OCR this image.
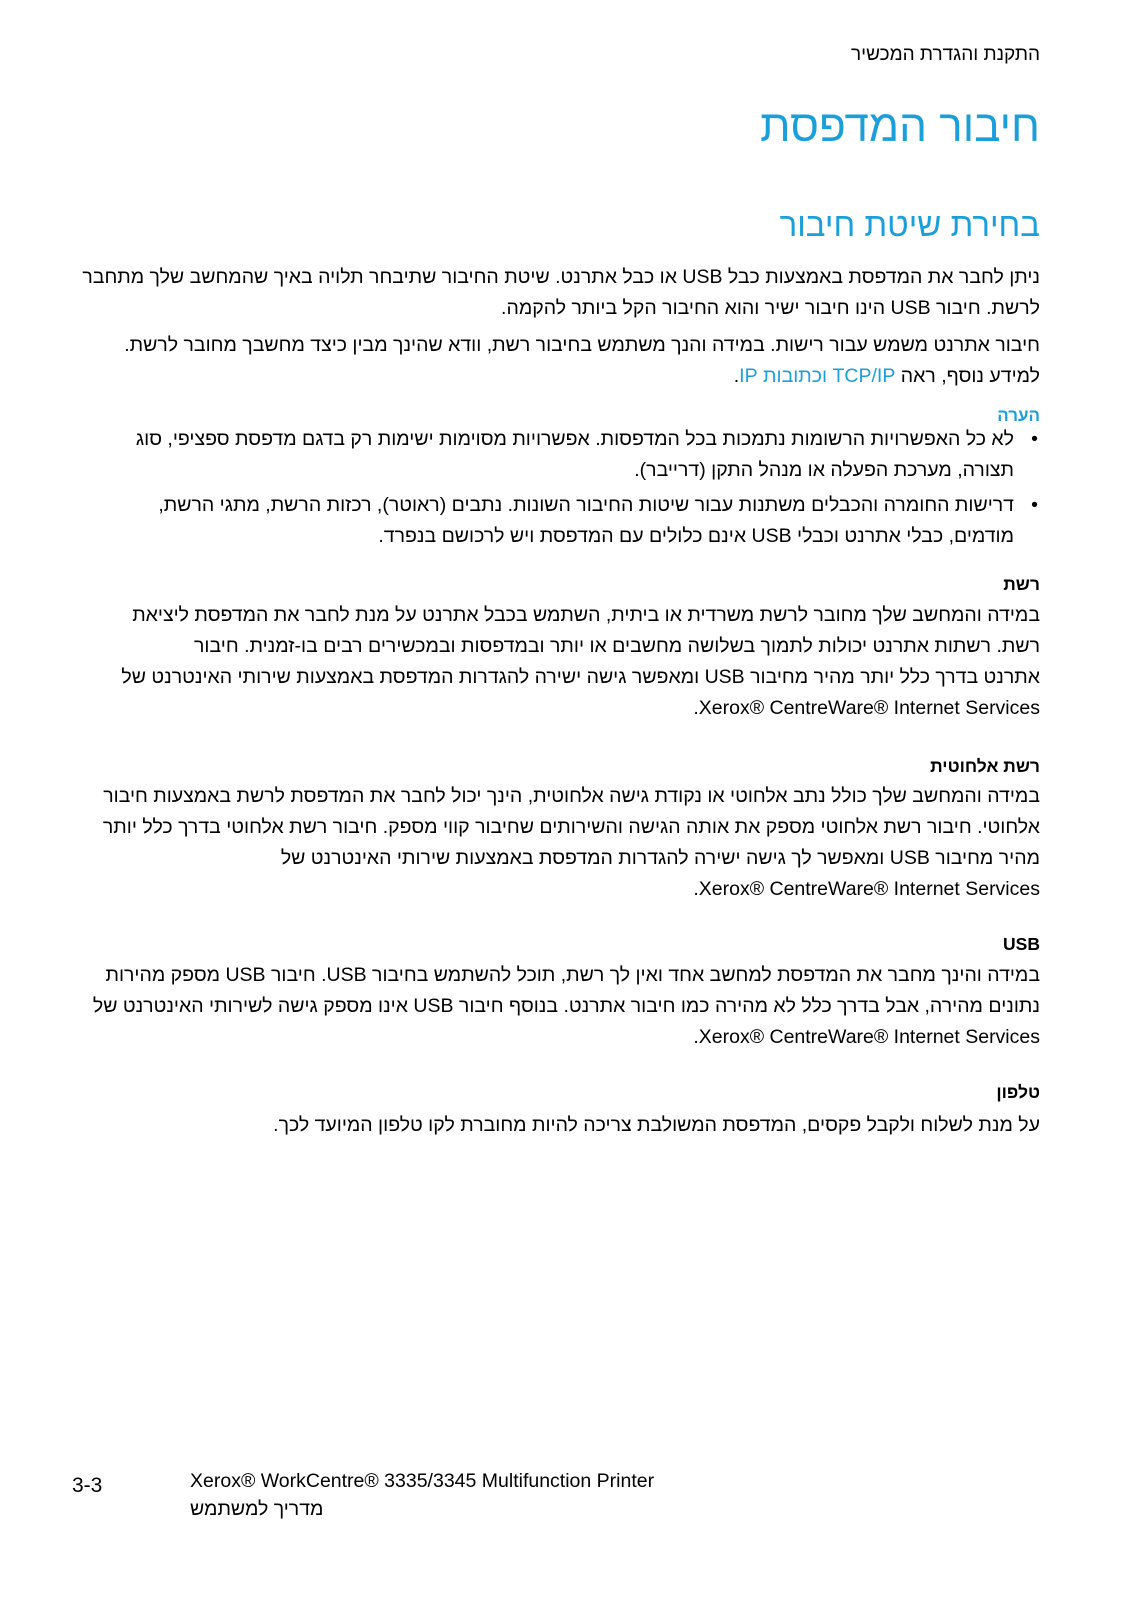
התקנת והגדרת המכשיר
חיבור המדפסת
בחירת שיטת חיבור

ניתן לחבר את המדפסת באמצעות כבל USB או כבל אתרנט. שיטת החיבור שתיבחר תלויה באיך שהמחשב שלך מתחבר לרשת. חיבור USB הינו חיבור ישיר והוא החיבור הקל ביותר להקמה.

חיבור אתרנט משמש עבור רישות. במידה והנך משתמש בחיבור רשת, וודא שהינך מבין כיצד מחשבך מחובר לרשת. למידע נוסף, ראה TCP/IP וכתובות IP.

הערה
• לא כל האפשרויות הרשומות נתמכות בכל המדפסות. אפשרויות מסוימות ישימות רק בדגם מדפסת ספציפי, סוג תצורה, מערכת הפעלה או מנהל התקן (דרייבר).
• דרישות החומרה והכבלים משתנות עבור שיטות החיבור השונות. נתבים (ראוטר), רכזות הרשת, מתגי הרשת, מודמים, כבלי אתרנט וכבלי USB אינם כלולים עם המדפסת ויש לרכושם בנפרד.
רשת

במידה והמחשב שלך מחובר לרשת משרדית או ביתית, השתמש בכבל אתרנט על מנת לחבר את המדפסת ליציאת

רשת. רשתות אתרנט יכולות לתמוך בשלושה מחשבים או יותר ובמדפסות ובמכשירים רבים בו-זמנית. חיבור

אתרנט בדרך כלל יותר מהיר מחיבור USB ומאפשר גישה ישירה להגדרות המדפסת באמצעות שירותי האינטרנט של

Xerox® CentreWare® Internet Services.

רשת אלחוטית

במידה והמחשב שלך כולל נתב אלחוטי או נקודת גישה אלחוטית, הינך יכול לחבר את המדפסת לרשת באמצעות חיבור אלחוטי. חיבור רשת אלחוטי מספק את אותה הגישה והשירותים שחיבור קווי מספק. חיבור רשת אלחוטי בדרך כלל יותר מהיר מחיבור USB ומאפשר לך גישה ישירה להגדרות המדפסת באמצעות שירותי האינטרנט של

Xerox® CentreWare® Internet Services.

USB

במידה והינך מחבר את המדפסת למחשב אחד ואין לך רשת, תוכל להשתמש בחיבור USB. חיבור USB מספק מהירות נתונים מהירה, אבל בדרך כלל לא מהירה כמו חיבור אתרנט. בנוסף חיבור USB אינו מספק גישה לשירותי האינטרנט של

Xerox® CentreWare® Internet Services.

טלפון

על מנת לשלוח ולקבל פקסים, המדפסת המשולבת צריכה להיות מחוברת לקו טלפון המיועד לכך.

3-3	Xerox® WorkCentre® 3335/3345 Multifunction Printer
מדריך למשתמש
